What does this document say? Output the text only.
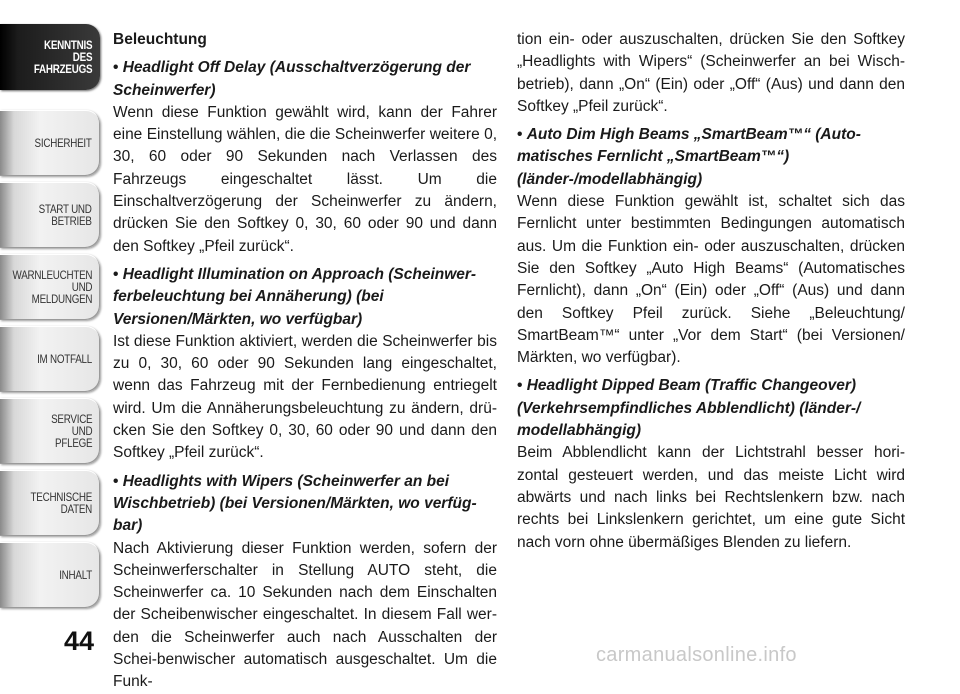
KENNTNIS
DES
FAHRZEUGS
SICHERHEIT
START UND
BETRIEB
WARNLEUCHTEN
UND
MELDUNGEN
IM NOTFALL
SERVICE
UND
PFLEGE
TECHNISCHE
DATEN
INHALT
44

Beleuchtung

• Headlight Off Delay (Ausschaltverzögerung der Scheinwerfer)

Wenn diese Funktion gewählt wird, kann der Fahrer eine Einstellung wählen, die die Scheinwerfer weitere 0, 30, 60 oder 90 Sekunden nach Verlassen des Fahrzeugs eingeschaltet lässt. Um die Einschaltverzögerung der Scheinwerfer zu ändern, drücken Sie den Softkey 0, 30, 60 oder 90 und dann den Softkey „Pfeil zurück“.

• Headlight Illumination on Approach (Scheinwer-ferbeleuchtung bei Annäherung) (bei Versionen/Märkten, wo verfügbar)

Ist diese Funktion aktiviert, werden die Scheinwerfer bis zu 0, 30, 60 oder 90 Sekunden lang eingeschaltet, wenn das Fahrzeug mit der Fernbedienung entriegelt wird. Um die Annäherungsbeleuchtung zu ändern, drü-cken Sie den Softkey 0, 30, 60 oder 90 und dann den Softkey „Pfeil zurück“.

• Headlights with Wipers (Scheinwerfer an bei Wischbetrieb) (bei Versionen/Märkten, wo verfüg-bar)

Nach Aktivierung dieser Funktion werden, sofern der Scheinwerferschalter in Stellung AUTO steht, die Scheinwerfer ca. 10 Sekunden nach dem Einschalten der Scheibenwischer eingeschaltet. In diesem Fall wer-den die Scheinwerfer auch nach Ausschalten der Schei-benwischer automatisch ausgeschaltet. Um die Funk-

tion ein- oder auszuschalten, drücken Sie den Softkey „Headlights with Wipers“ (Scheinwerfer an bei Wisch-betrieb), dann „On“ (Ein) oder „Off“ (Aus) und dann den Softkey „Pfeil zurück“.

• Auto Dim High Beams „SmartBeam™“ (Auto-matisches Fernlicht „SmartBeam™“) (länder-/modellabhängig)

Wenn diese Funktion gewählt ist, schaltet sich das Fernlicht unter bestimmten Bedingungen automatisch aus. Um die Funktion ein- oder auszuschalten, drücken Sie den Softkey „Auto High Beams“ (Automatisches Fernlicht), dann „On“ (Ein) oder „Off“ (Aus) und dann den Softkey Pfeil zurück. Siehe „Beleuchtung/ SmartBeam™“ unter „Vor dem Start“ (bei Versionen/ Märkten, wo verfügbar).

• Headlight Dipped Beam (Traffic Changeover) (Verkehrsempfindliches Abblendlicht) (länder-/ modellabhängig)

Beim Abblendlicht kann der Lichtstrahl besser hori-zontal gesteuert werden, und das meiste Licht wird abwärts und nach links bei Rechtslenkern bzw. nach rechts bei Linkslenkern gerichtet, um eine gute Sicht nach vorn ohne übermäßiges Blenden zu liefern.

carmanualsonline.info
